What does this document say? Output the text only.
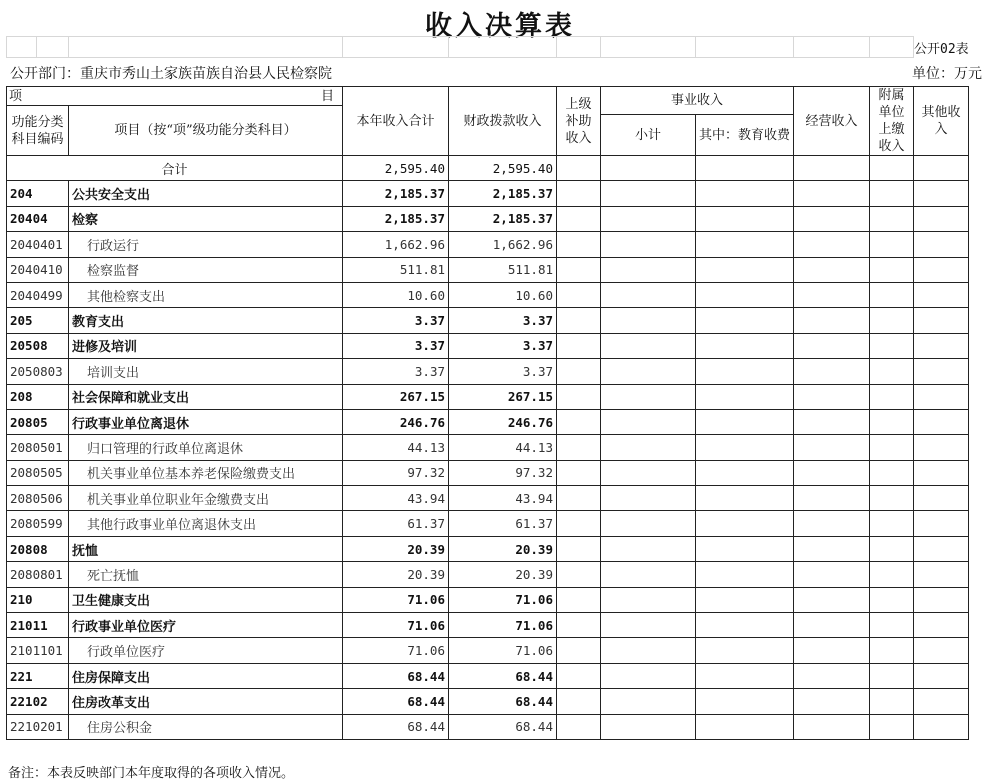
收入决算表
										公开02表
公开部门：重庆市秀山土家族苗族自治县人民检察院	单位：万元
项 目		本年收入合计	财政拨款收入	上级补助收入	事业收入		经营收入	附属单位上缴收入	其他收入
功能分类科目编码	项目（按“项”级功能分类科目）								
					小计	其中：教育收费			
合计		2,595.40	2,595.40						
204	公共安全支出	2,185.37	2,185.37						
20404	检察	2,185.37	2,185.37						
2040401	行政运行	1,662.96	1,662.96						
2040410	检察监督	511.81	511.81						
2040499	其他检察支出	10.60	10.60						
205	教育支出	3.37	3.37						
20508	进修及培训	3.37	3.37						
2050803	培训支出	3.37	3.37						
208	社会保障和就业支出	267.15	267.15						
20805	行政事业单位离退休	246.76	246.76						
2080501	归口管理的行政单位离退休	44.13	44.13						
2080505	机关事业单位基本养老保险缴费支出	97.32	97.32						
2080506	机关事业单位职业年金缴费支出	43.94	43.94						
2080599	其他行政事业单位离退休支出	61.37	61.37						
20808	抚恤	20.39	20.39						
2080801	死亡抚恤	20.39	20.39						
210	卫生健康支出	71.06	71.06						
21011	行政事业单位医疗	71.06	71.06						
2101101	行政单位医疗	71.06	71.06						
221	住房保障支出	68.44	68.44						
22102	住房改革支出	68.44	68.44						
2210201	住房公积金	68.44	68.44						
备注：本表反映部门本年度取得的各项收入情况。
